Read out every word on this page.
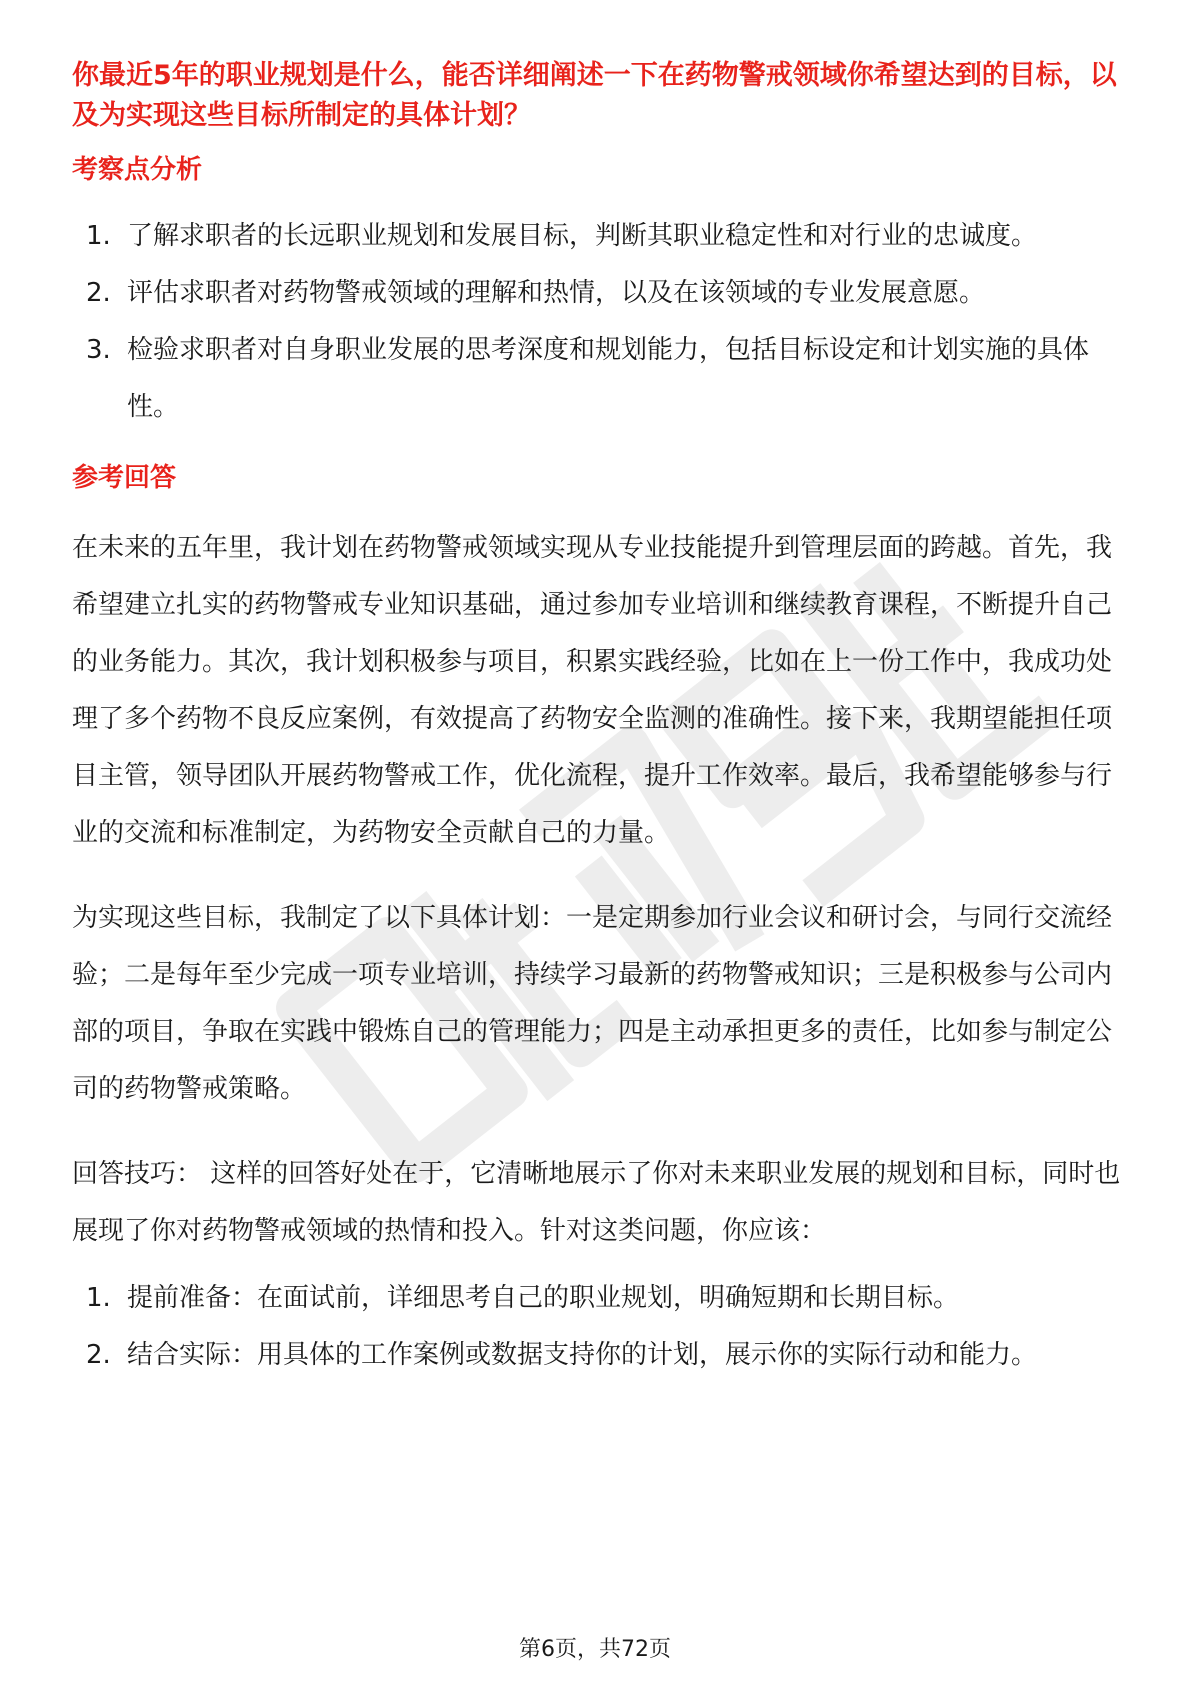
你最近5年的职业规划是什么，能否详细阐述一下在药物警戒领域你希望达到的目标，以及为实现这些目标所制定的具体计划？
考察点分析
1. 了解求职者的长远职业规划和发展目标，判断其职业稳定性和对行业的忠诚度。
2. 评估求职者对药物警戒领域的理解和热情，以及在该领域的专业发展意愿。
3. 检验求职者对自身职业发展的思考深度和规划能力，包括目标设定和计划实施的具体性。
参考回答

在未来的五年里，我计划在药物警戒领域实现从专业技能提升到管理层面的跨越。首先，我希望建立扎实的药物警戒专业知识基础，通过参加专业培训和继续教育课程，不断提升自己的业务能力。其次，我计划积极参与项目，积累实践经验，比如在上一份工作中，我成功处理了多个药物不良反应案例，有效提高了药物安全监测的准确性。接下来，我期望能担任项目主管，领导团队开展药物警戒工作，优化流程，提升工作效率。最后，我希望能够参与行业的交流和标准制定，为药物安全贡献自己的力量。

为实现这些目标，我制定了以下具体计划：一是定期参加行业会议和研讨会，与同行交流经验；二是每年至少完成一项专业培训，持续学习最新的药物警戒知识；三是积极参与公司内部的项目，争取在实践中锻炼自己的管理能力；四是主动承担更多的责任，比如参与制定公司的药物警戒策略。

回答技巧： 这样的回答好处在于，它清晰地展示了你对未来职业发展的规划和目标，同时也展现了你对药物警戒领域的热情和投入。针对这类问题，你应该：

1. 提前准备：在面试前，详细思考自己的职业规划，明确短期和长期目标。
2. 结合实际：用具体的工作案例或数据支持你的计划，展示你的实际行动和能力。
第6页，共72页
